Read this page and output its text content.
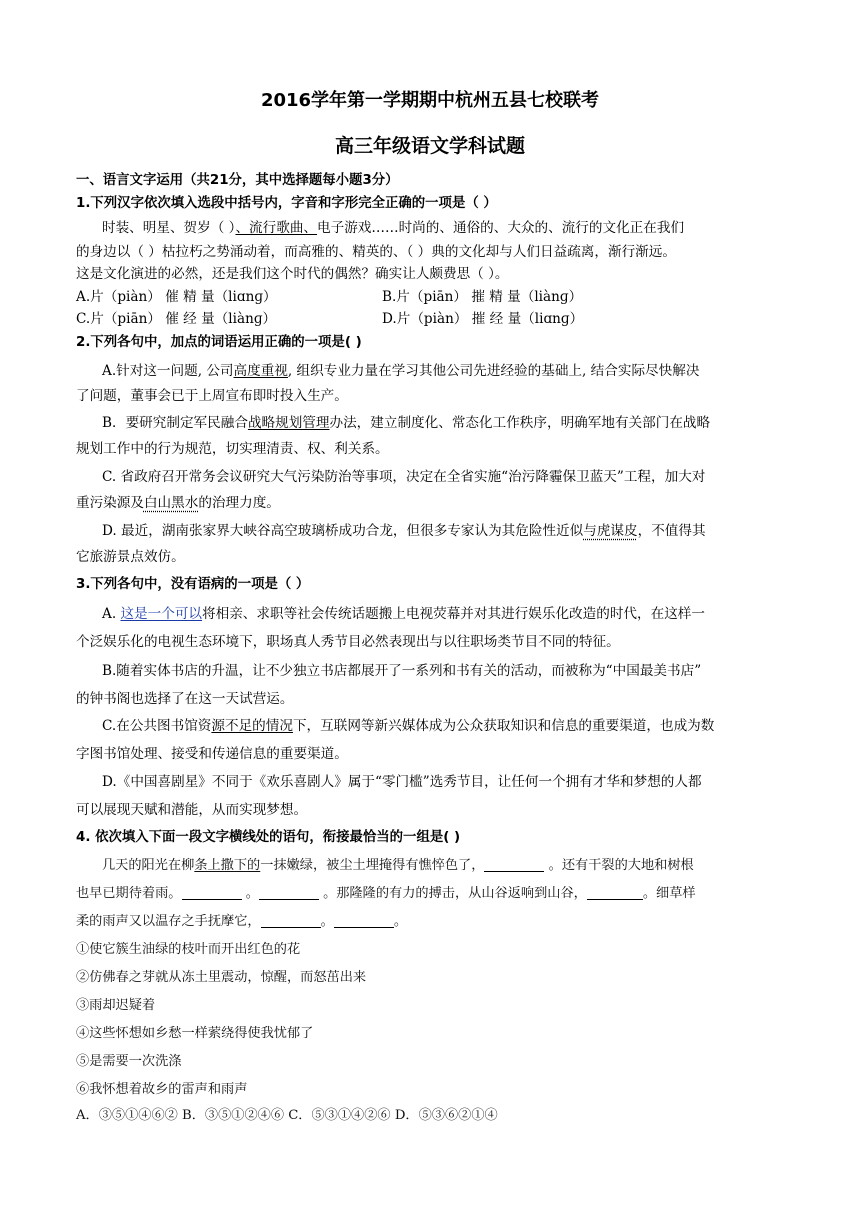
2016学年第一学期期中杭州五县七校联考
高三年级语文学科试题
一、语言文字运用（共21分，其中选择题每小题3分）
1.下列汉字依次填入选段中括号内，字音和字形完全正确的一项是（ ）
时装、明星、贺岁（ ）、流行歌曲、电子游戏……时尚的、通俗的、大众的、流行的文化正在我们
的身边以（ ）枯拉朽之势涌动着，而高雅的、精英的、（ ）典的文化却与人们日益疏离，渐行渐远。
这是文化演进的必然，还是我们这个时代的偶然？确实让人颇费思（ ）。
A.片（piàn） 催 精 量（liɑnɡ）	B.片（piān） 摧 精 量（liànɡ）
C.片（piān） 催 经 量（liànɡ）	D.片（piàn） 摧 经 量（liɑnɡ）
2.下列各句中，加点的词语运用正确的一项是( )
A.针对这一问题, 公司高度重视, 组织专业力量在学习其他公司先进经验的基础上, 结合实际尽快解决
了问题，董事会已于上周宣布即时投入生产。
B．要研究制定军民融合战略规划管理办法，建立制度化、常态化工作秩序，明确军地有关部门在战略
规划工作中的行为规范，切实理清责、权、利关系。
C. 省政府召开常务会议研究大气污染防治等事项，决定在全省实施“治污降霾保卫蓝天”工程，加大对
重污染源及白山黑水的治理力度。
D. 最近，湖南张家界大峡谷高空玻璃桥成功合龙，但很多专家认为其危险性近似与虎谋皮，不值得其
它旅游景点效仿。
3.下列各句中，没有语病的一项是（ ）
A. 这是一个可以将相亲、求职等社会传统话题搬上电视荧幕并对其进行娱乐化改造的时代，在这样一
个泛娱乐化的电视生态环境下，职场真人秀节目必然表现出与以往职场类节目不同的特征。
B.随着实体书店的升温，让不少独立书店都展开了一系列和书有关的活动，而被称为“中国最美书店”
的钟书阁也选择了在这一天试营运。
C.在公共图书馆资源不足的情况下，互联网等新兴媒体成为公众获取知识和信息的重要渠道，也成为数
字图书馆处理、接受和传递信息的重要渠道。
D.《中国喜剧星》不同于《欢乐喜剧人》属于“零门槛”选秀节目，让任何一个拥有才华和梦想的人都
可以展现天赋和潜能，从而实现梦想。
4. 依次填入下面一段文字横线处的语句，衔接最恰当的一组是( )
几天的阳光在柳条上撒下的一抹嫩绿，被尘土埋掩得有憔悴色了，	。还有干裂的大地和树根
也早已期待着雨。	。	。那隆隆的有力的搏击，从山谷返响到山谷，	。细草样
柔的雨声又以温存之手抚摩它，	。	。
①使它簇生油绿的枝叶而开出红色的花
②仿佛春之芽就从冻土里震动，惊醒，而怒茁出来
③雨却迟疑着
④这些怀想如乡愁一样萦绕得使我忧郁了
⑤是需要一次洗涤
⑥我怀想着故乡的雷声和雨声
A．③⑤①④⑥② B．③⑤①②④⑥ C．⑤③①④②⑥ D．⑤③⑥②①④
